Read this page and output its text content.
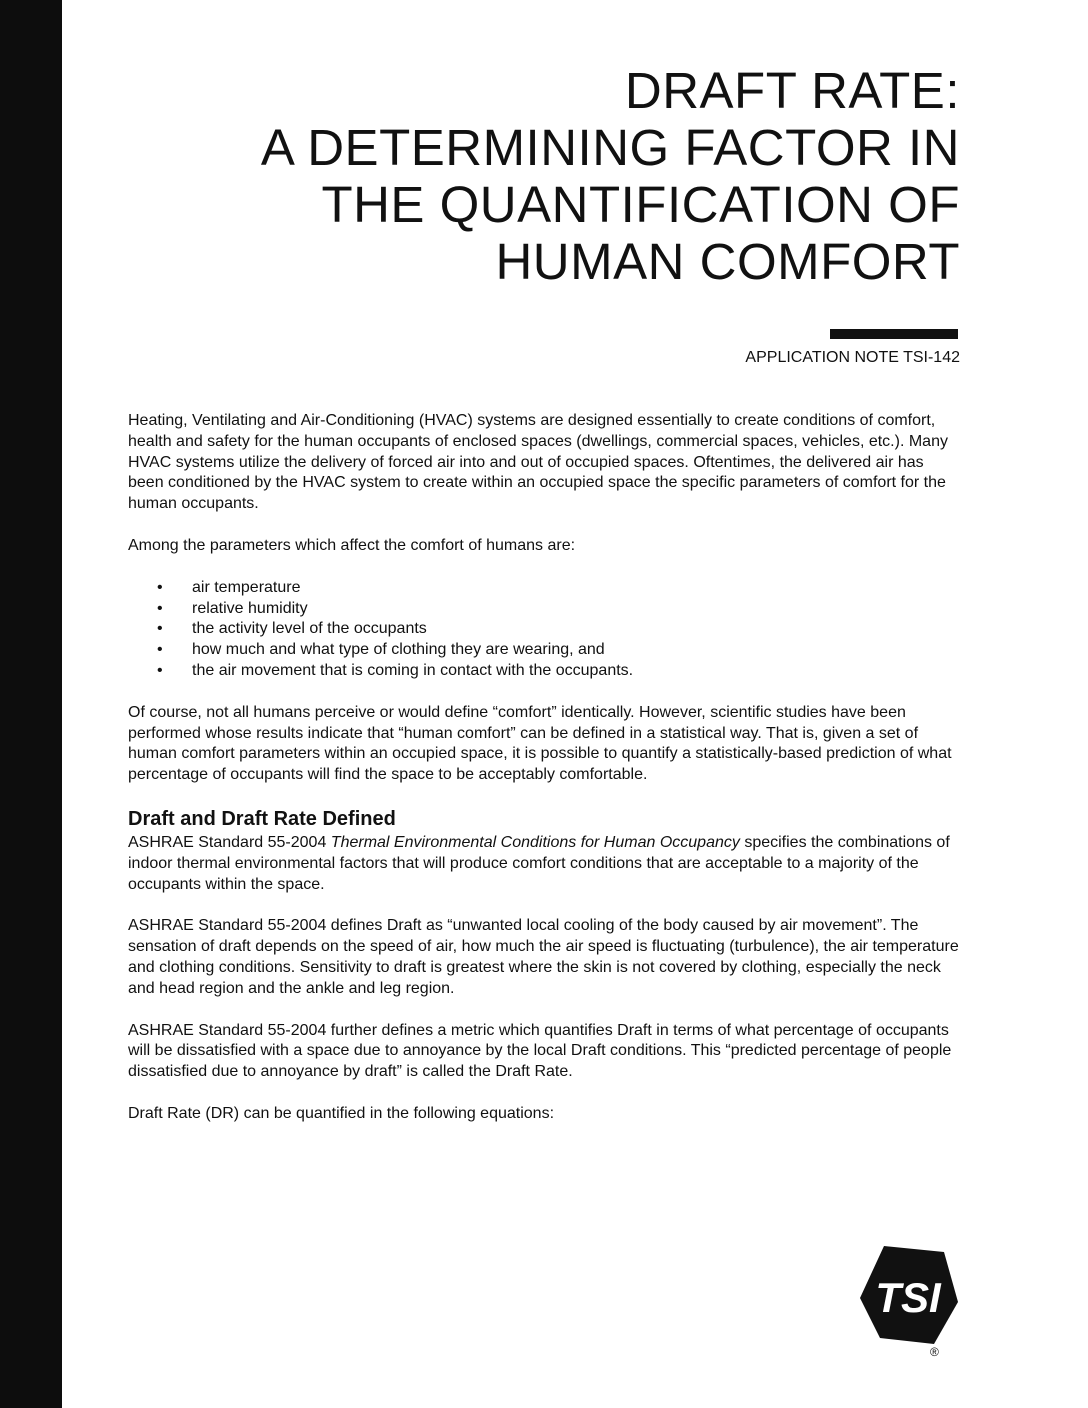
DRAFT RATE:
A DETERMINING FACTOR IN
THE QUANTIFICATION OF
HUMAN COMFORT
APPLICATION NOTE TSI-142

Heating, Ventilating and Air-Conditioning (HVAC) systems are designed essentially to create conditions of comfort, health and safety for the human occupants of enclosed spaces (dwellings, commercial spaces, vehicles, etc.). Many HVAC systems utilize the delivery of forced air into and out of occupied spaces. Oftentimes, the delivered air has been conditioned by the HVAC system to create within an occupied space the specific parameters of comfort for the human occupants.

Among the parameters which affect the comfort of humans are:

• air temperature
• relative humidity
• the activity level of the occupants
• how much and what type of clothing they are wearing, and
• the air movement that is coming in contact with the occupants.

Of course, not all humans perceive or would define “comfort” identically. However, scientific studies have been performed whose results indicate that “human comfort” can be defined in a statistical way. That is, given a set of human comfort parameters within an occupied space, it is possible to quantify a statistically-based prediction of what percentage of occupants will find the space to be acceptably comfortable.

Draft and Draft Rate Defined

ASHRAE Standard 55-2004 Thermal Environmental Conditions for Human Occupancy specifies the combinations of indoor thermal environmental factors that will produce comfort conditions that are acceptable to a majority of the occupants within the space.

ASHRAE Standard 55-2004 defines Draft as “unwanted local cooling of the body caused by air movement”. The sensation of draft depends on the speed of air, how much the air speed is fluctuating (turbulence), the air temperature and clothing conditions. Sensitivity to draft is greatest where the skin is not covered by clothing, especially the neck and head region and the ankle and leg region.

ASHRAE Standard 55-2004 further defines a metric which quantifies Draft in terms of what percentage of occupants will be dissatisfied with a space due to annoyance by the local Draft conditions. This “predicted percentage of people dissatisfied due to annoyance by draft” is called the Draft Rate.

Draft Rate (DR) can be quantified in the following equations:

TSI
®
